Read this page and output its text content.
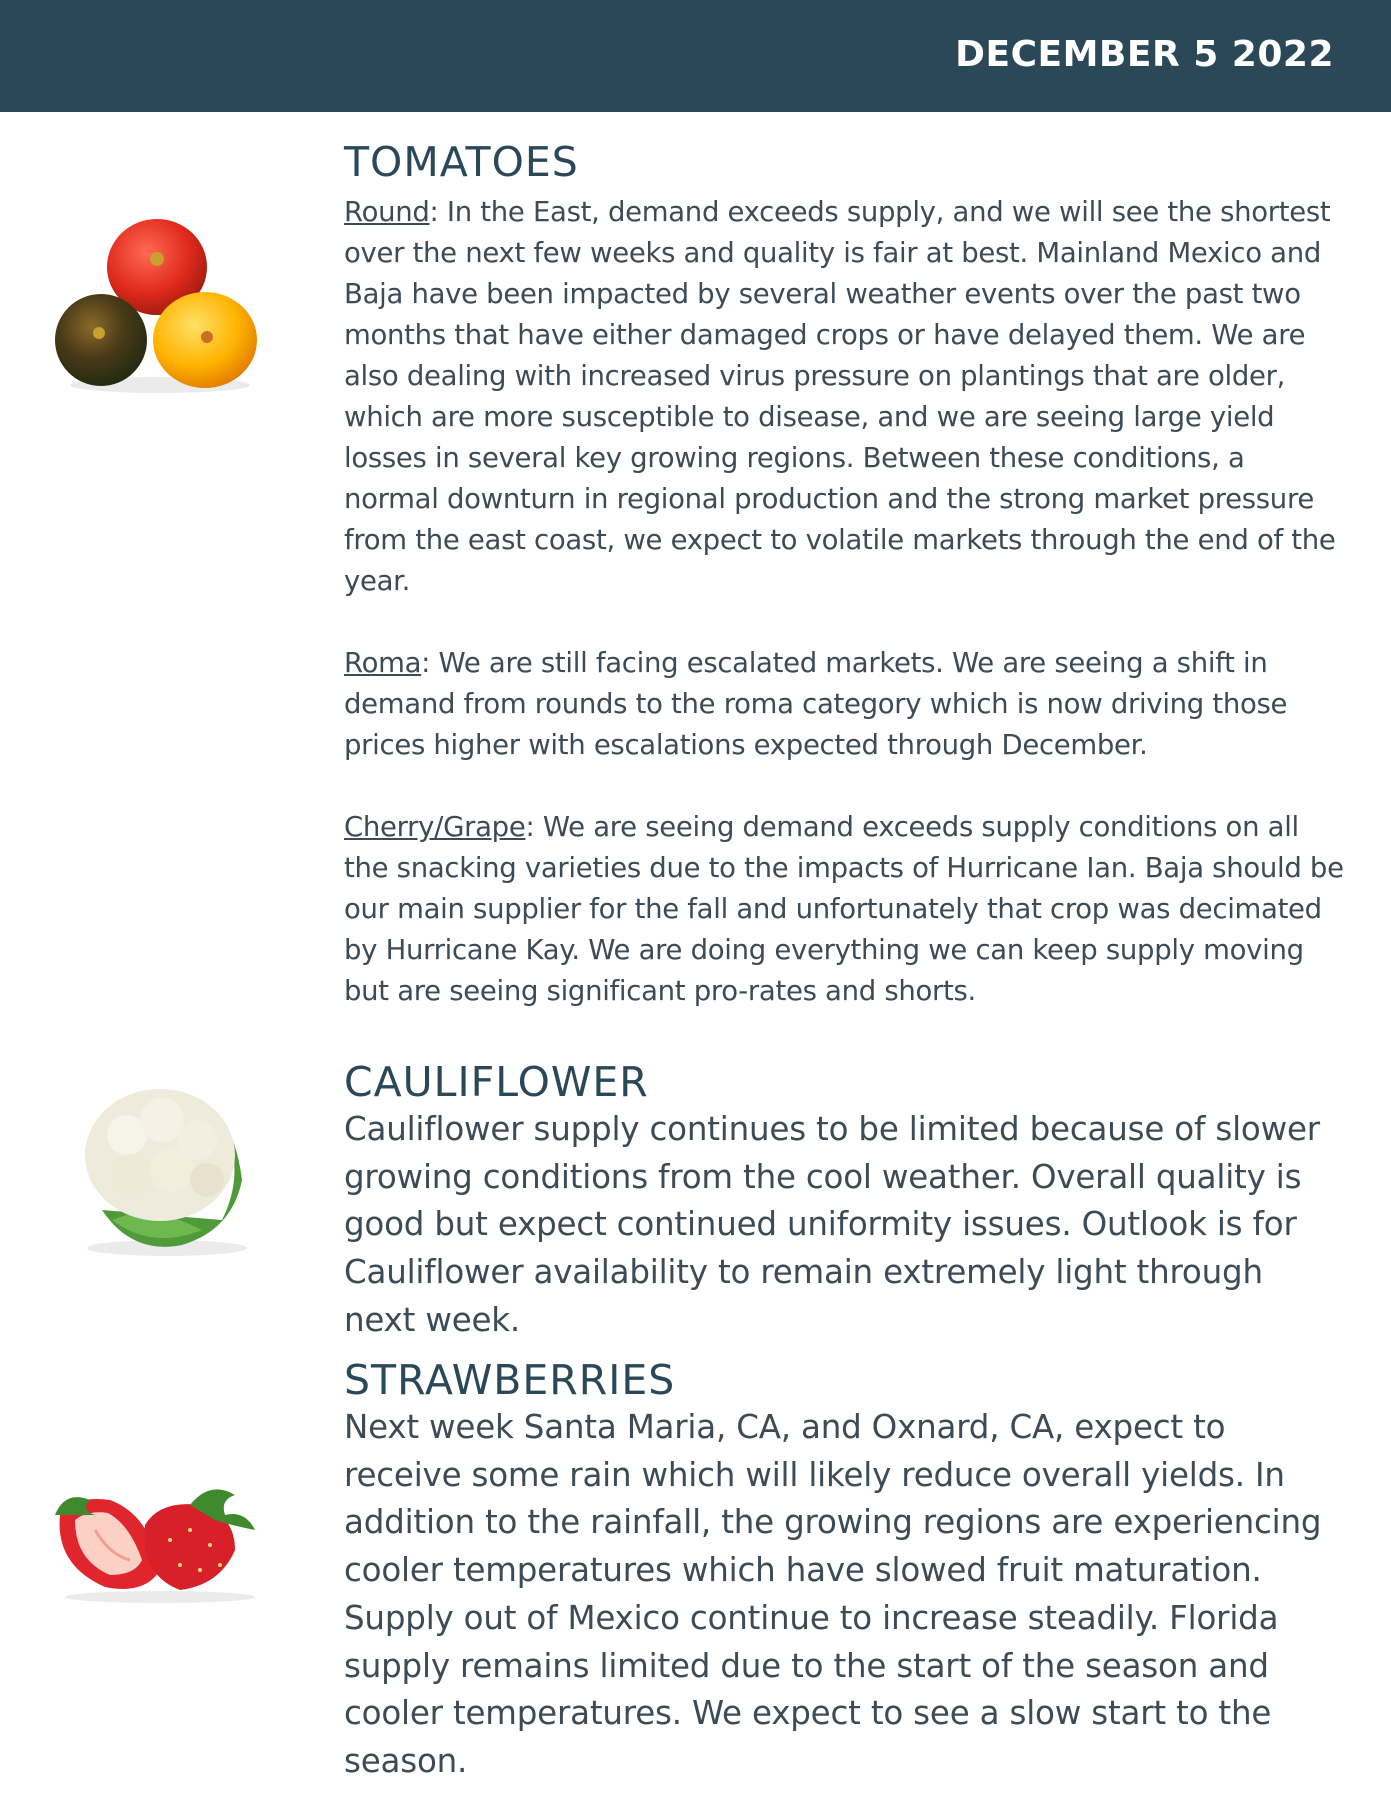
DECEMBER 5 2022
TOMATOES

Round: In the East, demand exceeds supply, and we will see the shortest over the next few weeks and quality is fair at best. Mainland Mexico and Baja have been impacted by several weather events over the past two months that have either damaged crops or have delayed them. We are also dealing with increased virus pressure on plantings that are older, which are more susceptible to disease, and we are seeing large yield losses in several key growing regions. Between these conditions, a normal downturn in regional production and the strong market pressure from the east coast, we expect to volatile markets through the end of the year.

Roma: We are still facing escalated markets. We are seeing a shift in demand from rounds to the roma category which is now driving those prices higher with escalations expected through December.

Cherry/Grape: We are seeing demand exceeds supply conditions on all the snacking varieties due to the impacts of Hurricane Ian. Baja should be our main supplier for the fall and unfortunately that crop was decimated by Hurricane Kay. We are doing everything we can keep supply moving but are seeing significant pro-rates and shorts.

CAULIFLOWER

Cauliflower supply continues to be limited because of slower growing conditions from the cool weather. Overall quality is good but expect continued uniformity issues. Outlook is for Cauliflower availability to remain extremely light through next week.

STRAWBERRIES

Next week Santa Maria, CA, and Oxnard, CA, expect to receive some rain which will likely reduce overall yields. In addition to the rainfall, the growing regions are experiencing cooler temperatures which have slowed fruit maturation. Supply out of Mexico continue to increase steadily. Florida supply remains limited due to the start of the season and cooler temperatures. We expect to see a slow start to the season.
